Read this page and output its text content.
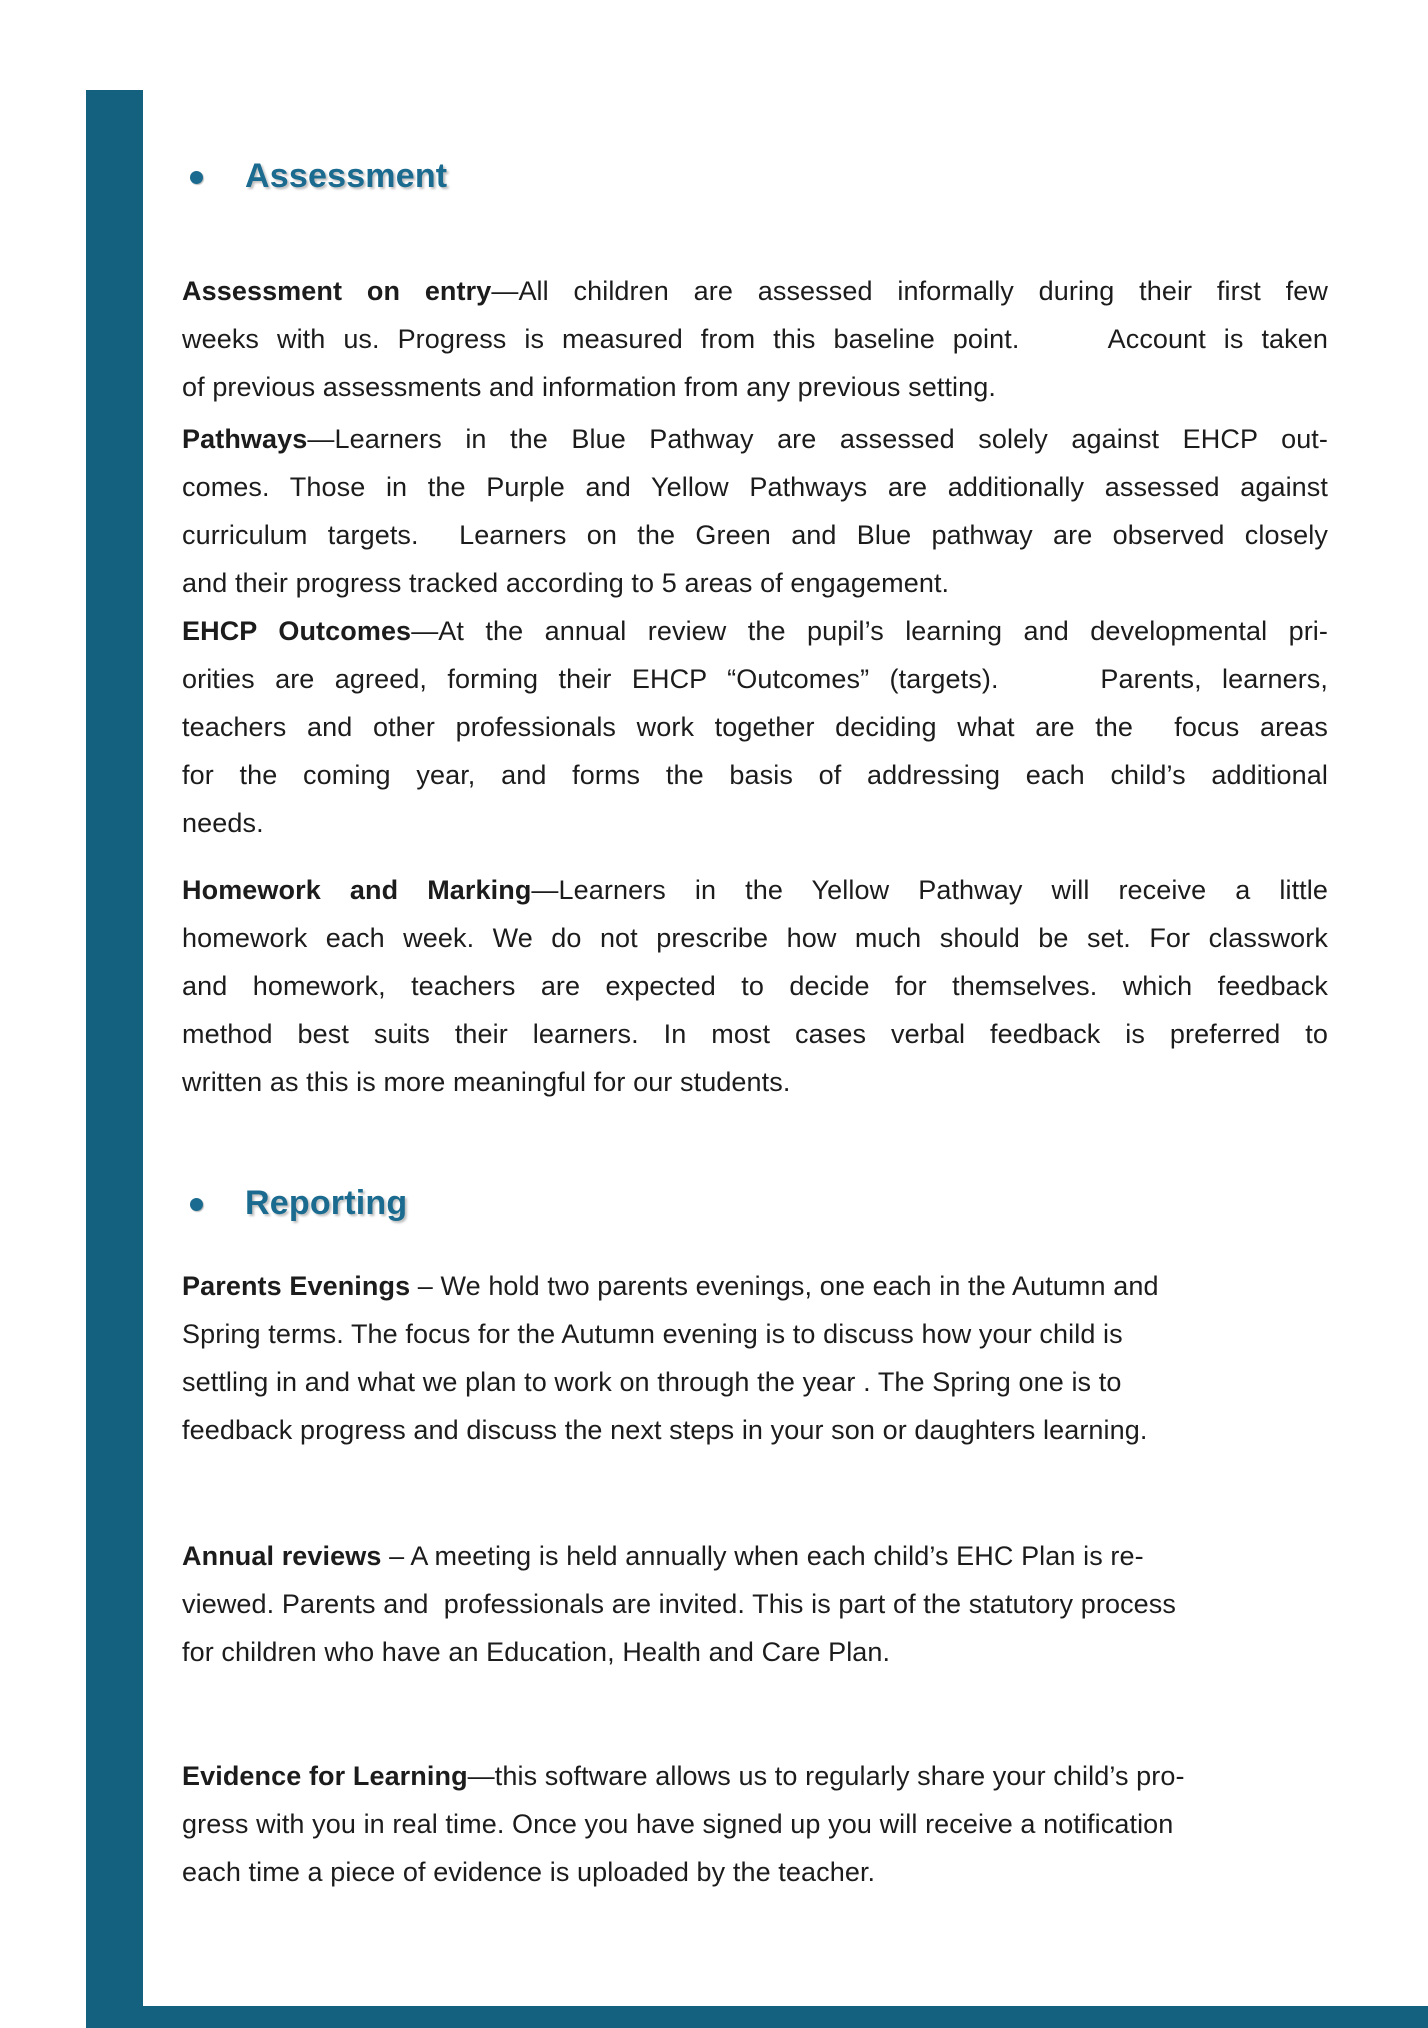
Assessment
Assessment on entry—All children are assessed informally during their first few
weeks with us. Progress is measured from this baseline point.     Account is taken
of previous assessments and information from any previous setting.
Pathways—Learners in the Blue Pathway are assessed solely against EHCP out-
comes. Those in the Purple and Yellow Pathways are additionally assessed against
curriculum targets.  Learners on the Green and Blue pathway are observed closely
and their progress tracked according to 5 areas of engagement.
EHCP Outcomes—At the annual review the pupil’s learning and developmental pri-
orities are agreed, forming their EHCP “Outcomes” (targets).     Parents, learners,
teachers and other professionals work together deciding what are the  focus areas
for the coming year, and forms the basis of addressing each child’s additional
needs.
Homework and Marking—Learners in the Yellow Pathway will receive a little
homework each week. We do not prescribe how much should be set. For classwork
and homework, teachers are expected to decide for themselves. which feedback
method best suits their learners. In most cases verbal feedback is preferred to
written as this is more meaningful for our students.
Reporting
Parents Evenings – We hold two parents evenings, one each in the Autumn and
Spring terms. The focus for the Autumn evening is to discuss how your child is
settling in and what we plan to work on through the year . The Spring one is to
feedback progress and discuss the next steps in your son or daughters learning.
Annual reviews – A meeting is held annually when each child’s EHC Plan is re-
viewed. Parents and  professionals are invited. This is part of the statutory process
for children who have an Education, Health and Care Plan.
Evidence for Learning—this software allows us to regularly share your child’s pro-
gress with you in real time. Once you have signed up you will receive a notification
each time a piece of evidence is uploaded by the teacher.
